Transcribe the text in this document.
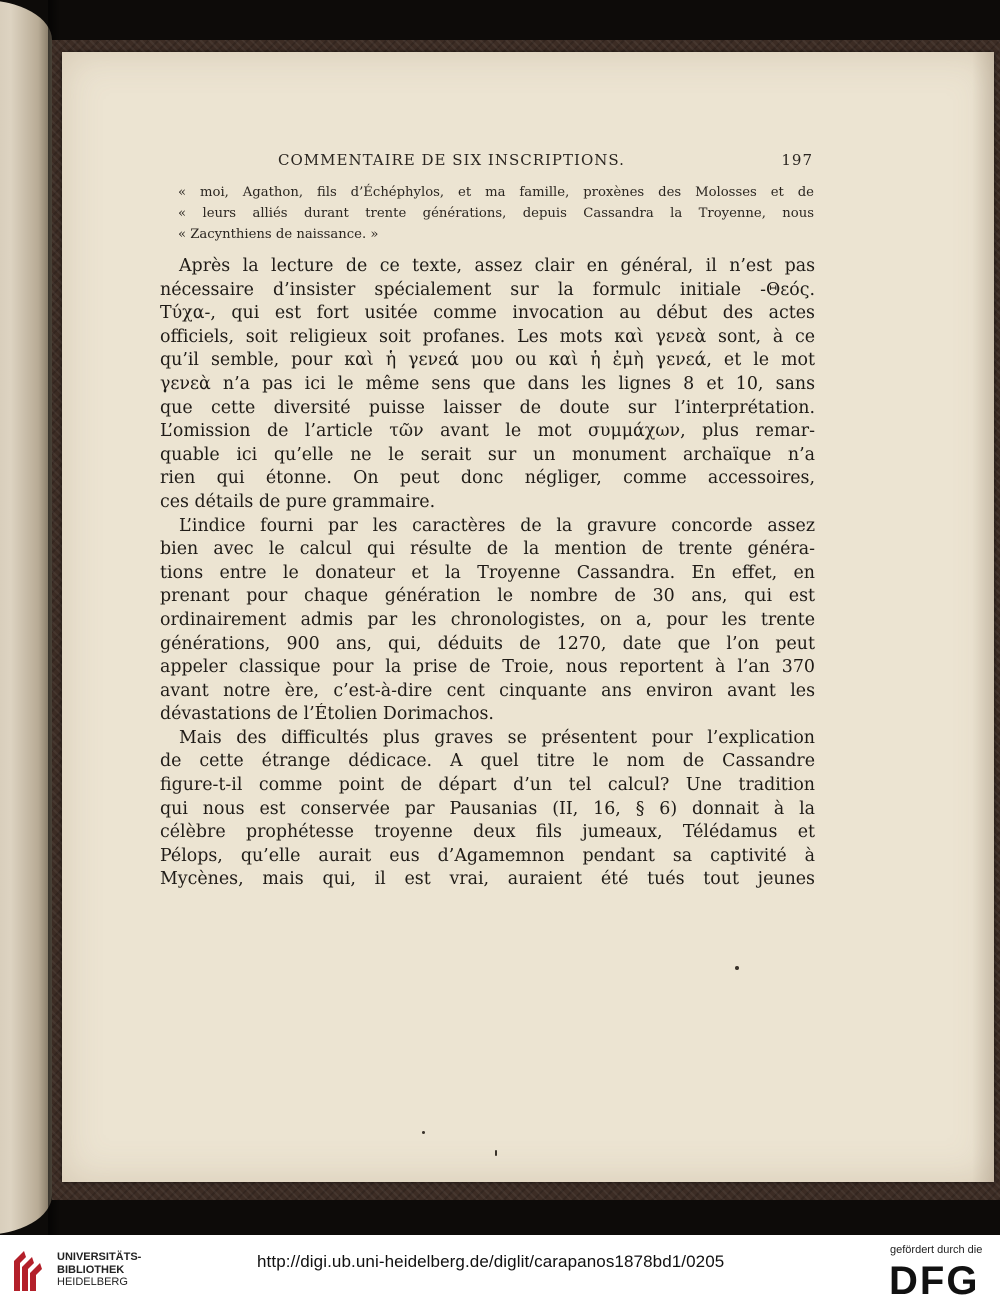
COMMENTAIRE DE SIX INSCRIPTIONS.	197
« moi, Agathon, fils d’Échéphylos, et ma famille, proxènes des Molosses et de
« leurs alliés durant trente générations, depuis Cassandra la Troyenne, nous
« Zacynthiens de naissance. »
Après la lecture de ce texte, assez clair en général, il n’est pas
nécessaire d’insister spécialement sur la formulc initiale -Θεός.
Τύχα-, qui est fort usitée comme invocation au début des actes
officiels, soit religieux soit profanes. Les mots καὶ γενεὰ sont, à ce
qu’il semble, pour καὶ ἡ γενεά μου ou καὶ ἡ ἐμὴ γενεά, et le mot
γενεὰ n’a pas ici le même sens que dans les lignes 8 et 10, sans
que cette diversité puisse laisser de doute sur l’interprétation.
L’omission de l’article τῶν avant le mot συμμάχων, plus remar-
quable ici qu’elle ne le serait sur un monument archaïque n’a
rien qui étonne. On peut donc négliger, comme accessoires,
ces détails de pure grammaire.
L’indice fourni par les caractères de la gravure concorde assez
bien avec le calcul qui résulte de la mention de trente généra-
tions entre le donateur et la Troyenne Cassandra. En effet, en
prenant pour chaque génération le nombre de 30 ans, qui est
ordinairement admis par les chronologistes, on a, pour les trente
générations, 900 ans, qui, déduits de 1270, date que l’on peut
appeler classique pour la prise de Troie, nous reportent à l’an 370
avant notre ère, c’est-à-dire cent cinquante ans environ avant les
dévastations de l’Étolien Dorimachos.
Mais des difficultés plus graves se présentent pour l’explication
de cette étrange dédicace. A quel titre le nom de Cassandre
figure-t-il comme point de départ d’un tel calcul? Une tradition
qui nous est conservée par Pausanias (II, 16, § 6) donnait à la
célèbre prophétesse troyenne deux fils jumeaux, Télédamus et
Pélops, qu’elle aurait eus d’Agamemnon pendant sa captivité à
Mycènes, mais qui, il est vrai, auraient été tués tout jeunes
UNIVERSITÄTS-
BIBLIOTHEK
HEIDELBERG
http://digi.ub.uni-heidelberg.de/diglit/carapanos1878bd1/0205
gefördert durch die
DFG
